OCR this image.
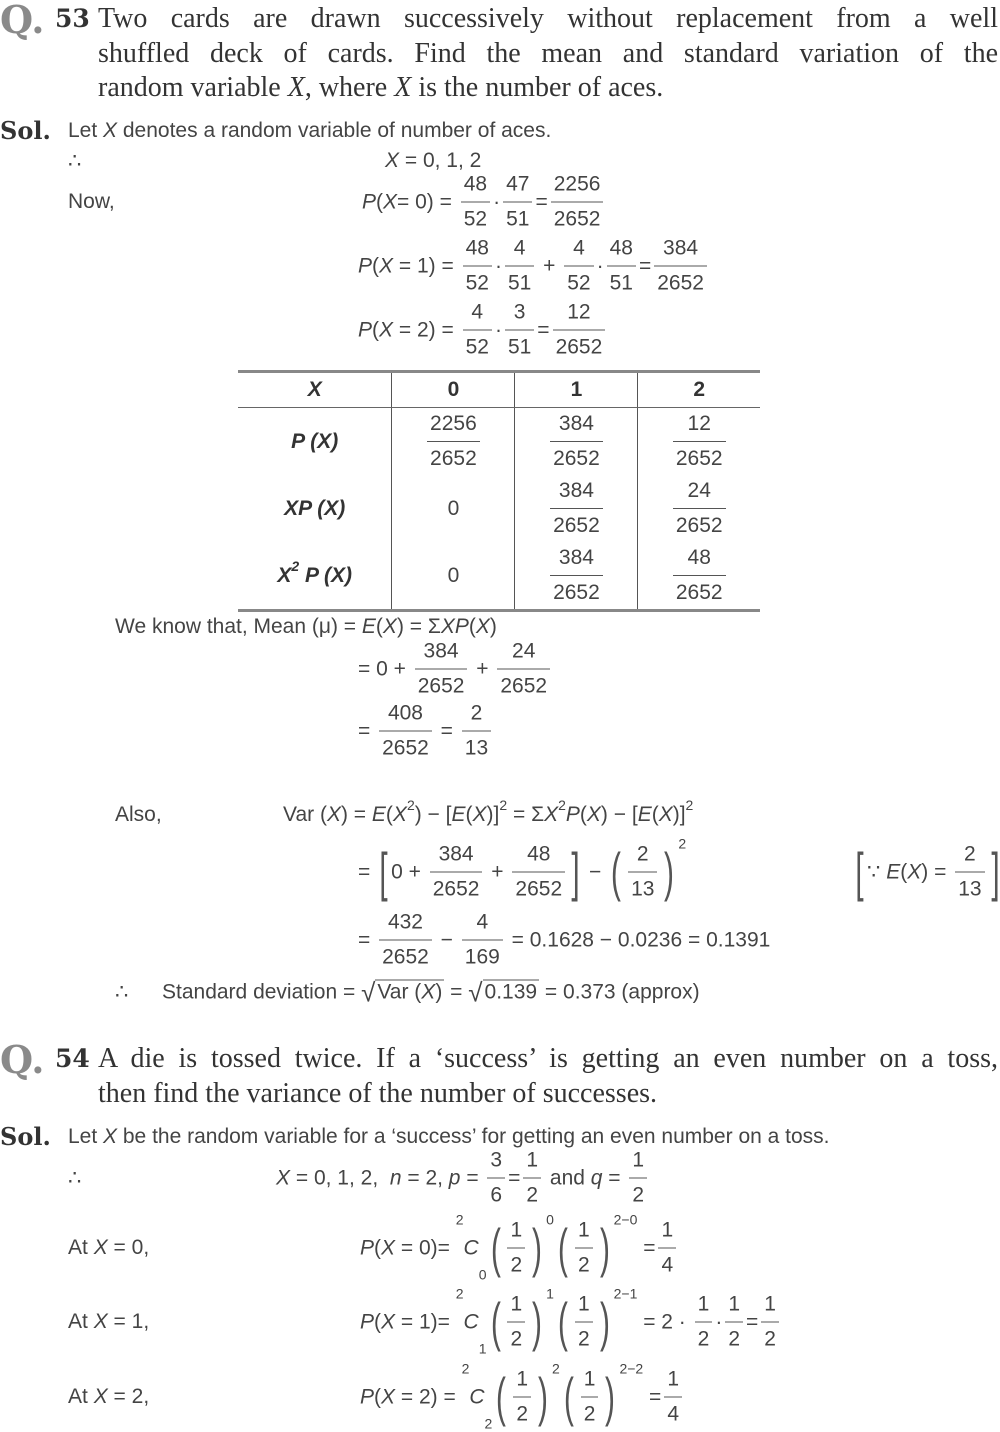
Q. 53 Two cards are drawn successively without replacement from a well
shuffled deck of cards. Find the mean and standard variation of the
random variable X, where X is the number of aces.
Sol. Let X denotes a random variable of number of aces.
∴	X = 0, 1, 2
Now,	P ( $X = 0) = \frac{48}{52} \cdot \frac{47}{51} = \frac{2256}{2652}$
P ( $X = 1) = \frac{48}{52} \cdot \frac{4}{51} + \frac{4}{52} \cdot \frac{48}{51} = \frac{384}{2652}$
P ( $X = 2) = \frac{4}{52} \cdot \frac{3}{51} = \frac{12}{2652}$
X	0	1	2

P (X)	$\frac{2256}{2652}$	$\frac{384}{2652}$	$\frac{12}{2652}$

XP (X)	0	$\frac{384}{2652}$	$\frac{24}{2652}$

X 2 P (X)	0	$\frac{384}{2652}$	$\frac{48}{2652}$
We know that, Mean (μ) = E ( X ) = Σ XP ( X )
= $0 + \frac{384}{2652} + \frac{24}{2652}$
= $\frac{408}{2652} = \frac{2}{13}$
Also,	Var ( X ) = E ( X 2 ) − [ E ( X )] 2 = Σ X 2 P ( X ) − [ E ( X )] 2
= [ $0 + \frac{384}{2652} + \frac{48}{2652}$ ] − ( $\frac{2}{13}$ ) 2	[ ∵ E ( X ) = $\frac{2}{13}$ ]
= $\frac{432}{2652} - \frac{4}{169} = 0.1628 - 0.0236 = 0.1391$
∴ Standard deviation = √ Var ( X ) = √ 0.139 = 0.373 (approx)
Q. 54 A die is tossed twice. If a ‘success’ is getting an even number on a toss,
then find the variance of the number of successes.
Sol. Let X be the random variable for a ‘success’ for getting an even number on a toss.
∴	X = 0, 1, 2, n = 2, $p = \frac{3}{6} = \frac{1}{2}$ and $q = \frac{1}{2}$
At X = 0,	P ( X = 0)=
2
C
0 ( $\frac{1}{2}$ ) 0 ( $\frac{1}{2}$ ) 2−0
= $\frac{1}{4}$
At X = 1,	P ( X = 1)=
2
C
1 ( $\frac{1}{2}$ ) 1 ( $\frac{1}{2}$ ) 2−1
= $2 \cdot \frac{1}{2} \cdot \frac{1}{2} = \frac{1}{2}$
At X = 2,	P ( X = 2) =
2
C
2 ( $\frac{1}{2}$ ) 2 ( $\frac{1}{2}$ ) 2−2
= $\frac{1}{4}$
